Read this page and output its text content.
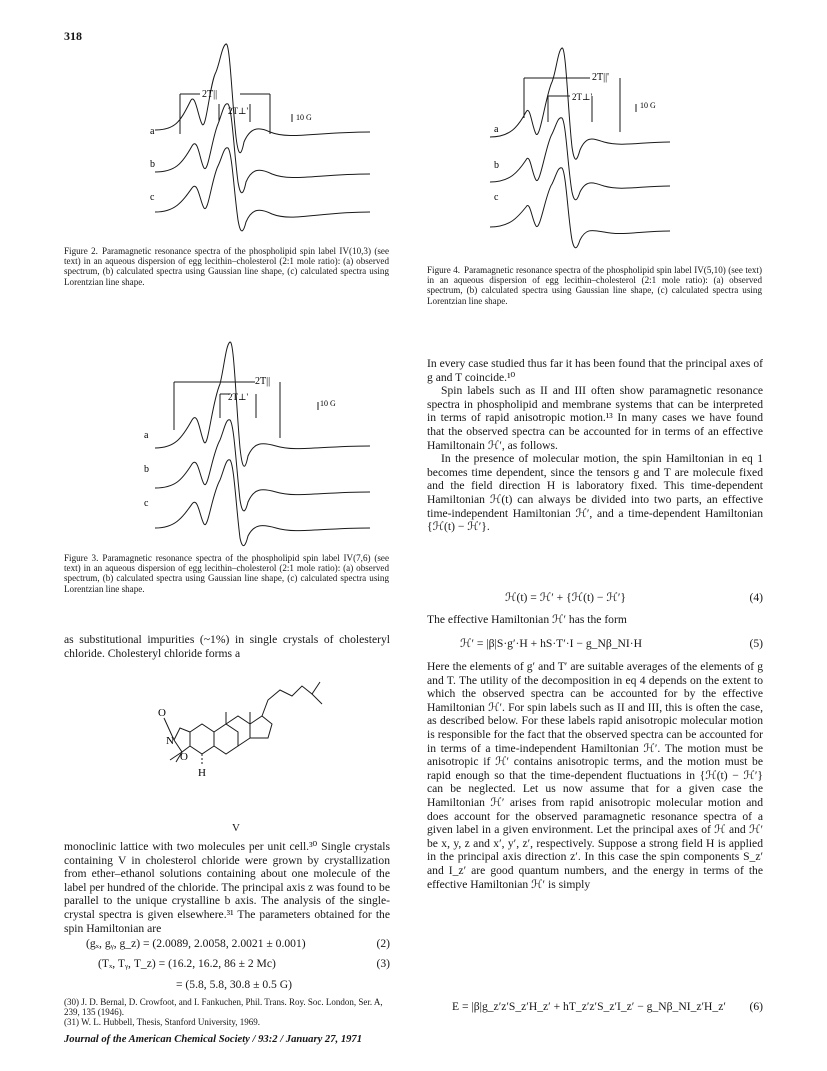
318
a
b
c
2T||
2T⊥'
10 G
Figure 2. Paramagnetic resonance spectra of the phospholipid spin label IV(10,3) (see text) in an aqueous dispersion of egg lecithin–cholesterol (2:1 mole ratio): (a) observed spectrum, (b) calculated spectra using Gaussian line shape, (c) calculated spectra using Lorentzian line shape.
a
b
c
2T||'
2T⊥'
10 G
Figure 4. Paramagnetic resonance spectra of the phospholipid spin label IV(5,10) (see text) in an aqueous dispersion of egg lecithin–cholesterol (2:1 mole ratio): (a) observed spectrum, (b) calculated spectra using Gaussian line shape, (c) calculated spectra using Lorentzian line shape.
a
b
c
2T||
2T⊥'
10 G
Figure 3. Paramagnetic resonance spectra of the phospholipid spin label IV(7,6) (see text) in an aqueous dispersion of egg lecithin–cholesterol (2:1 mole ratio): (a) observed spectrum, (b) calculated spectra using Gaussian line shape, (c) calculated spectra using Lorentzian line shape.

as substitutional impurities (~1%) in single crystals of cholesteryl chloride. Cholesteryl chloride forms a

O
N
O
H
V

monoclinic lattice with two molecules per unit cell.³⁰ Single crystals containing V in cholesterol chloride were grown by crystallization from ether–ethanol solutions containing about one molecule of the label per hundred of the chloride. The principal axis z was found to be parallel to the unique crystalline b axis. The analysis of the single-crystal spectra is given elsewhere.³¹ The parameters obtained for the spin Hamiltonian are

(gₓ, gᵧ, g_z) = (2.0089, 2.0058, 2.0021 ± 0.001)	(2)
(Tₓ, Tᵧ, T_z) = (16.2, 16.2, 86 ± 2 Mc)	(3)
= (5.8, 5.8, 30.8 ± 0.5 G)
(30) J. D. Bernal, D. Crowfoot, and I. Fankuchen, Phil. Trans. Roy. Soc. London, Ser. A, 239, 135 (1946).
(31) W. L. Hubbell, Thesis, Stanford University, 1969.

In every case studied thus far it has been found that the principal axes of g and T coincide.¹⁰

Spin labels such as II and III often show paramagnetic resonance spectra in phospholipid and membrane systems that can be interpreted in terms of rapid anisotropic motion.¹³ In many cases we have found that the observed spectra can be accounted for in terms of an effective Hamiltonain ℋ′, as follows.

In the presence of molecular motion, the spin Hamiltonian in eq 1 becomes time dependent, since the tensors g and T are molecule fixed and the field direction H is laboratory fixed. This time-dependent Hamiltonian ℋ(t) can always be divided into two parts, an effective time-independent Hamiltonian ℋ′, and a time-dependent Hamiltonian {ℋ(t) − ℋ′}.

ℋ(t) = ℋ′ + {ℋ(t) − ℋ′}	(4)

The effective Hamiltonian ℋ′ has the form

ℋ′ = |β|S·g′·H + hS·T′·I − g_Nβ_NI·H	(5)

Here the elements of g′ and T′ are suitable averages of the elements of g and T. The utility of the decomposition in eq 4 depends on the extent to which the observed spectra can be accounted for by the effective Hamiltonian ℋ′. For spin labels such as II and III, this is often the case, as described below. For these labels rapid anisotropic molecular motion is responsible for the fact that the observed spectra can be accounted for in terms of a time-independent Hamiltonian ℋ′. The motion must be anisotropic if ℋ′ contains anisotropic terms, and the motion must be rapid enough so that the time-dependent fluctuations in {ℋ(t) − ℋ′} can be neglected. Let us now assume that for a given case the Hamiltonian ℋ′ arises from rapid anisotropic molecular motion and does account for the observed paramagnetic resonance spectra of a given label in a given environment. Let the principal axes of ℋ and ℋ′ be x, y, z and x′, y′, z′, respectively. Suppose a strong field H is applied in the principal axis direction z′. In this case the spin components S_z′ and I_z′ are good quantum numbers, and the energy in terms of the effective Hamiltonian ℋ′ is simply

E = |β|g_z′z′S_z′H_z′ + hT_z′z′S_z′I_z′ − g_Nβ_NI_z′H_z′ (6)
Journal of the American Chemical Society / 93:2 / January 27, 1971
